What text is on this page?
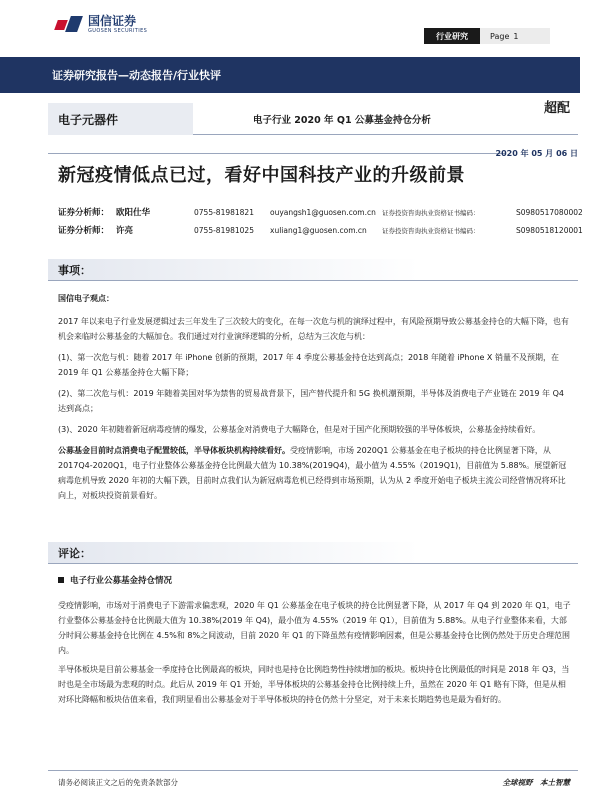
国信证券
GUOSEN SECURITIES
行业研究	Page 1
证券研究报告—动态报告/行业快评
电子元器件	电子行业 2020 年 Q1 公募基金持仓分析
超配
2020 年 05 月 06 日
新冠疫情低点已过，看好中国科技产业的升级前景
证券分析师： 欧阳仕华	0755-81981821 ouyangsh1@guosen.com.cn 证券投资咨询执业资格证书编码：	S0980517080002
证券分析师： 许亮	0755-81981025 xuliang1@guosen.com.cn 证券投资咨询执业资格证书编码：	S0980518120001
事项：

国信电子观点：

2017 年以来电子行业发展逻辑过去三年发生了三次较大的变化，在每一次危与机的演绎过程中，有风险预期导致公募基金持仓的大幅下降，也有机会来临时公募基金的大幅加仓。我们通过对行业演绎逻辑的分析，总结为三次危与机：

(1)、第一次危与机：随着 2017 年 iPhone 创新的预期，2017 年 4 季度公募基金持仓达到高点；2018 年随着 iPhone X 销量不及预期，在 2019 年 Q1 公募基金持仓大幅下降；

(2)、第二次危与机：2019 年随着美国对华为禁售的贸易战背景下，国产替代提升和 5G 换机潮预期，半导体及消费电子产业链在 2019 年 Q4 达到高点；

(3)、2020 年初随着新冠病毒疫情的爆发，公募基金对消费电子大幅降仓，但是对于国产化预期较强的半导体板块，公募基金持续看好。

公募基金目前时点消费电子配置较低，半导体板块机构持续看好。受疫情影响，市场 2020Q1 公募基金在电子板块的持仓比例显著下降，从 2017Q4-2020Q1，电子行业整体公募基金持仓比例最大值为 10.38%(2019Q4)，最小值为 4.55%（2019Q1)，目前值为 5.88%。展望新冠病毒危机导致 2020 年初的大幅下跌，目前时点我们认为新冠病毒危机已经得到市场预期，认为从 2 季度开始电子板块主流公司经营情况将环比向上，对板块投资前景看好。

评论：
电子行业公募基金持仓情况

受疫情影响，市场对于消费电子下游需求偏悲观，2020 年 Q1 公募基金在电子板块的持仓比例显著下降，从 2017 年 Q4 到 2020 年 Q1，电子行业整体公募基金持仓比例最大值为 10.38%(2019 年 Q4)，最小值为 4.55%（2019 年 Q1），目前值为 5.88%。从电子行业整体来看，大部分时间公募基金持仓比例在 4.5%和 8%之间波动，目前 2020 年 Q1 的下降虽然有疫情影响因素，但是公募基金持仓比例仍然处于历史合理范围内。

半导体板块是目前公募基金一季度持仓比例最高的板块，同时也是持仓比例趋势性持续增加的板块。板块持仓比例最低的时间是 2018 年 Q3，当时也是全市场最为悲观的时点。此后从 2019 年 Q1 开始，半导体板块的公募基金持仓比例持续上升，虽然在 2020 年 Q1 略有下降，但是从相对环比降幅和板块估值来看，我们明显看出公募基金对于半导体板块的持仓仍然十分坚定，对于未来长期趋势也是最为看好的。

请务必阅读正文之后的免责条款部分	全球视野　本土智慧
